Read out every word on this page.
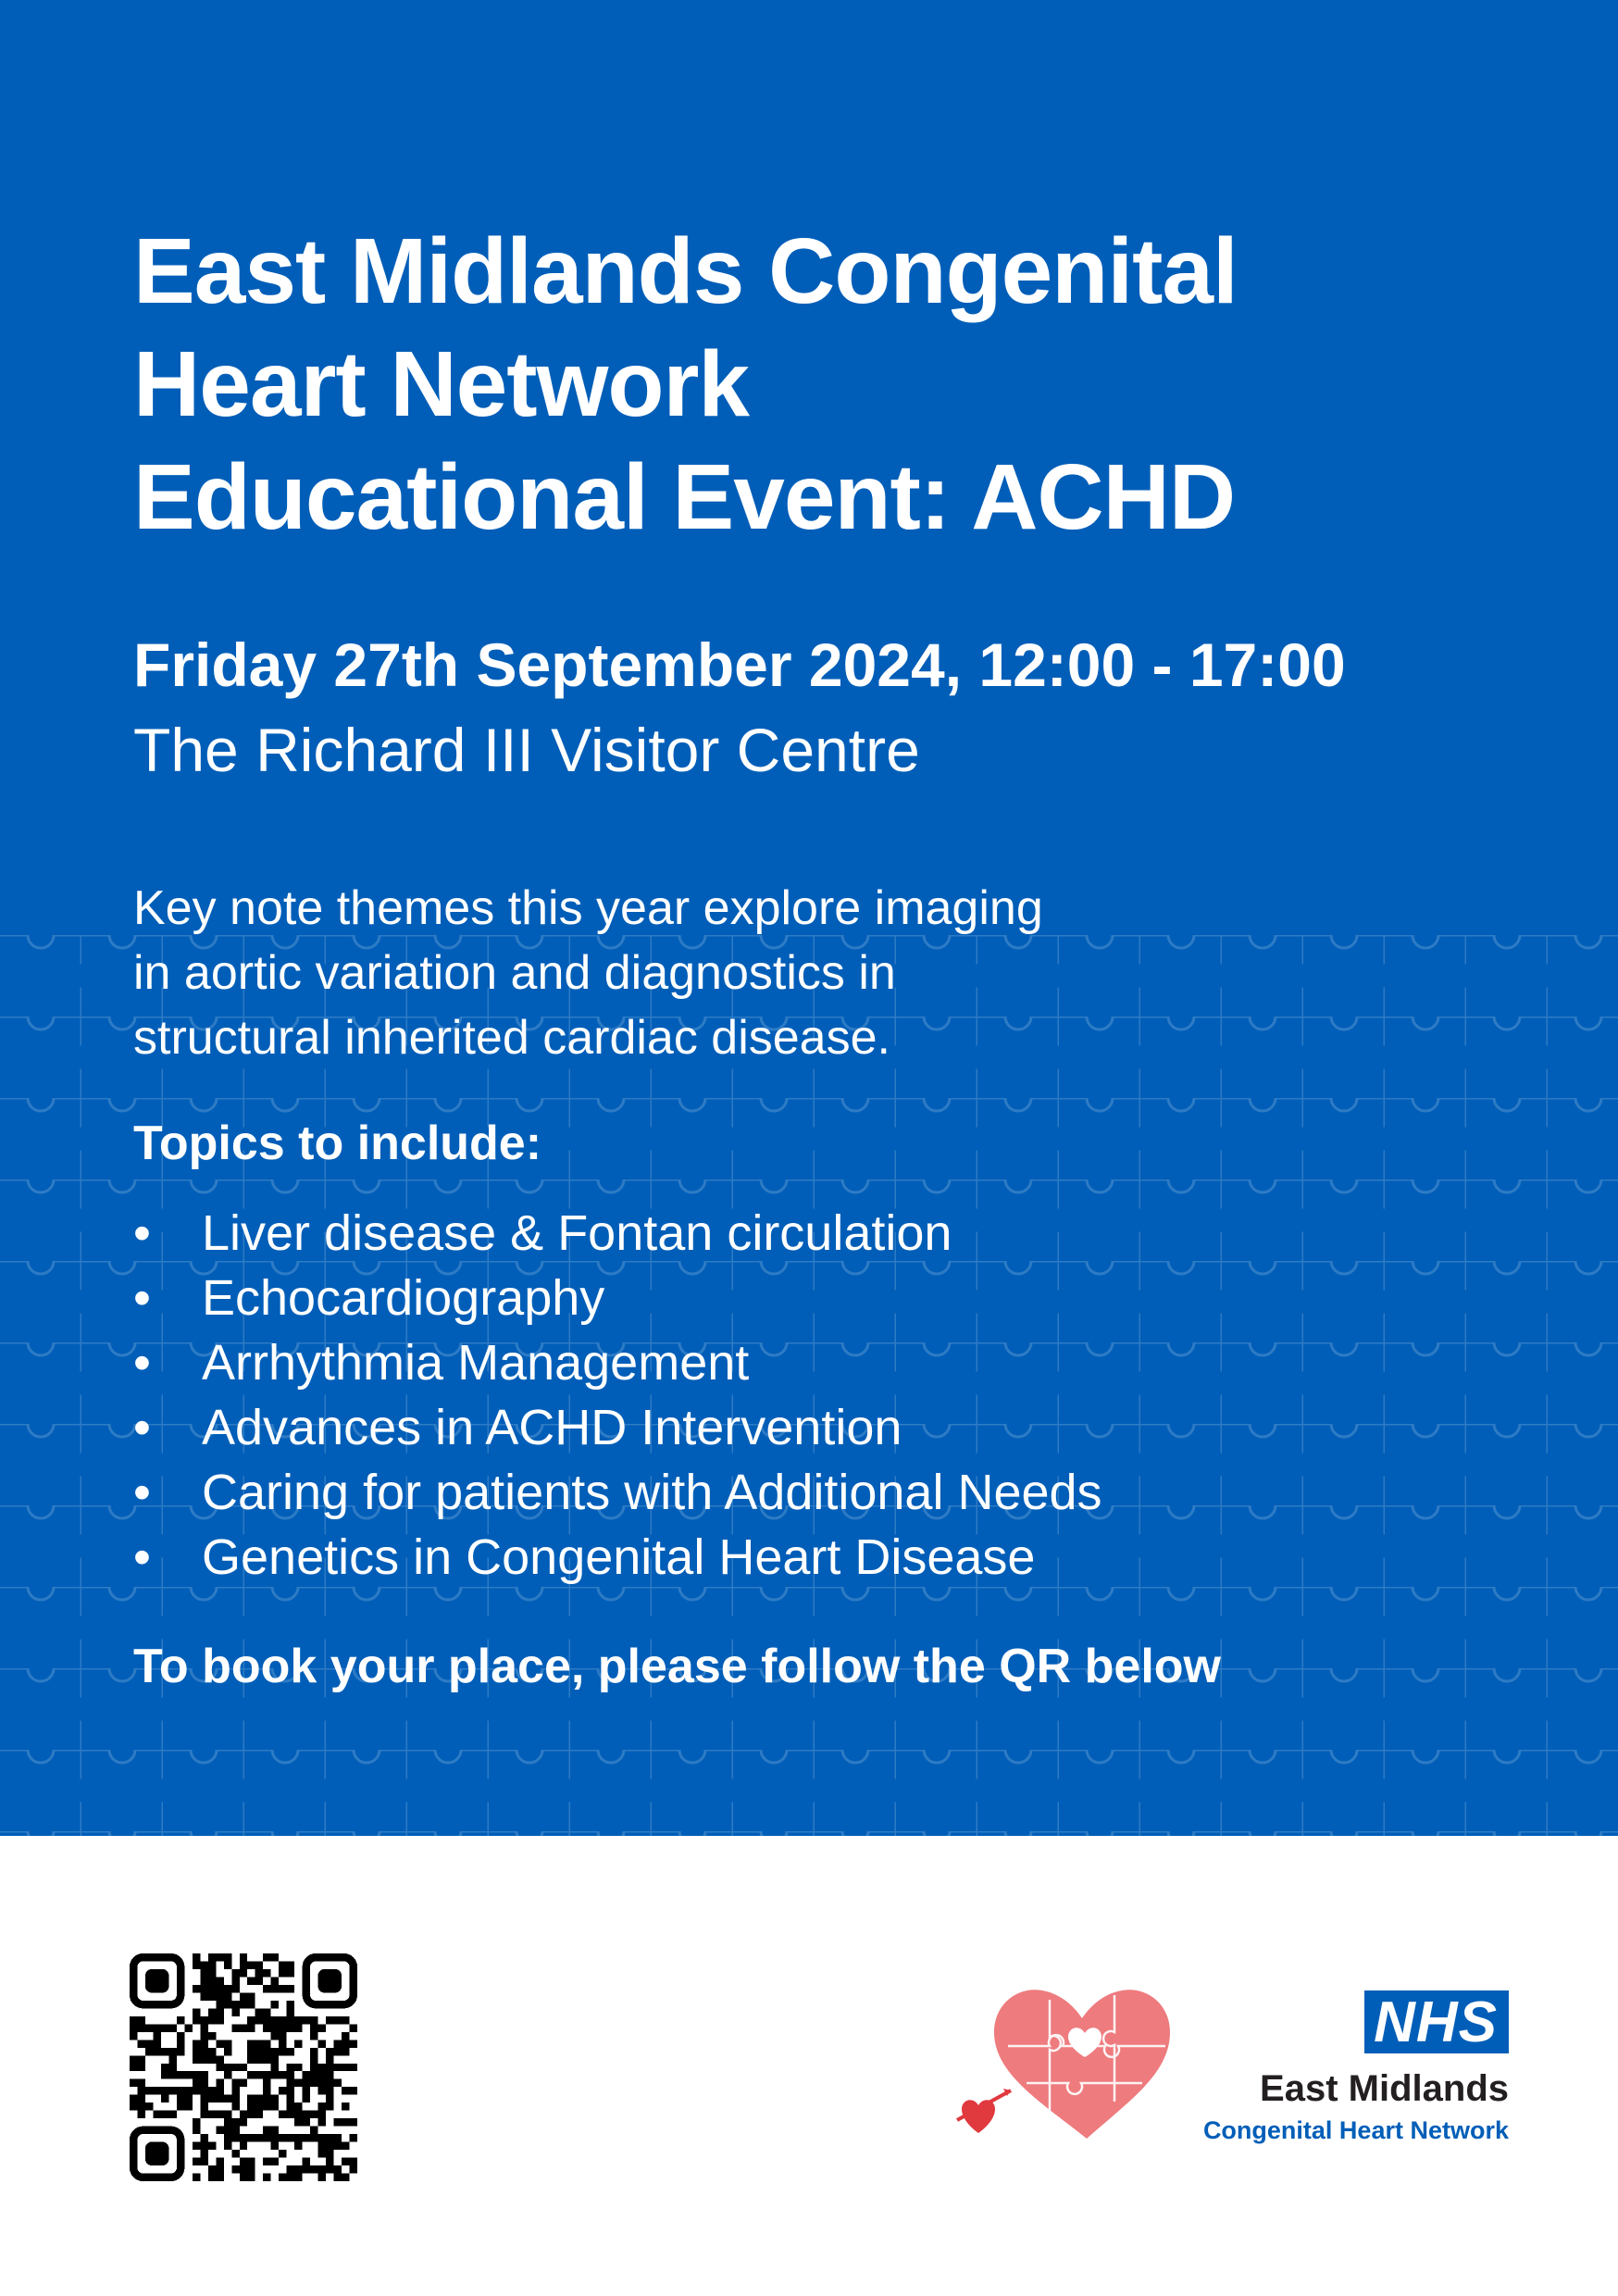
East Midlands Congenital
Heart Network
Educational Event: ACHD

Friday 27th September 2024, 12:00 - 17:00

The Richard III Visitor Centre

Key note themes this year explore imaging
in aortic variation and diagnostics in
structural inherited cardiac disease.

Topics to include:

• Liver disease & Fontan circulation
• Echocardiography
• Arrhythmia Management
• Advances in ACHD Intervention
• Caring for patients with Additional Needs
• Genetics in Congenital Heart Disease

To book your place, please follow the QR below

NHS

East Midlands

Congenital Heart Network
